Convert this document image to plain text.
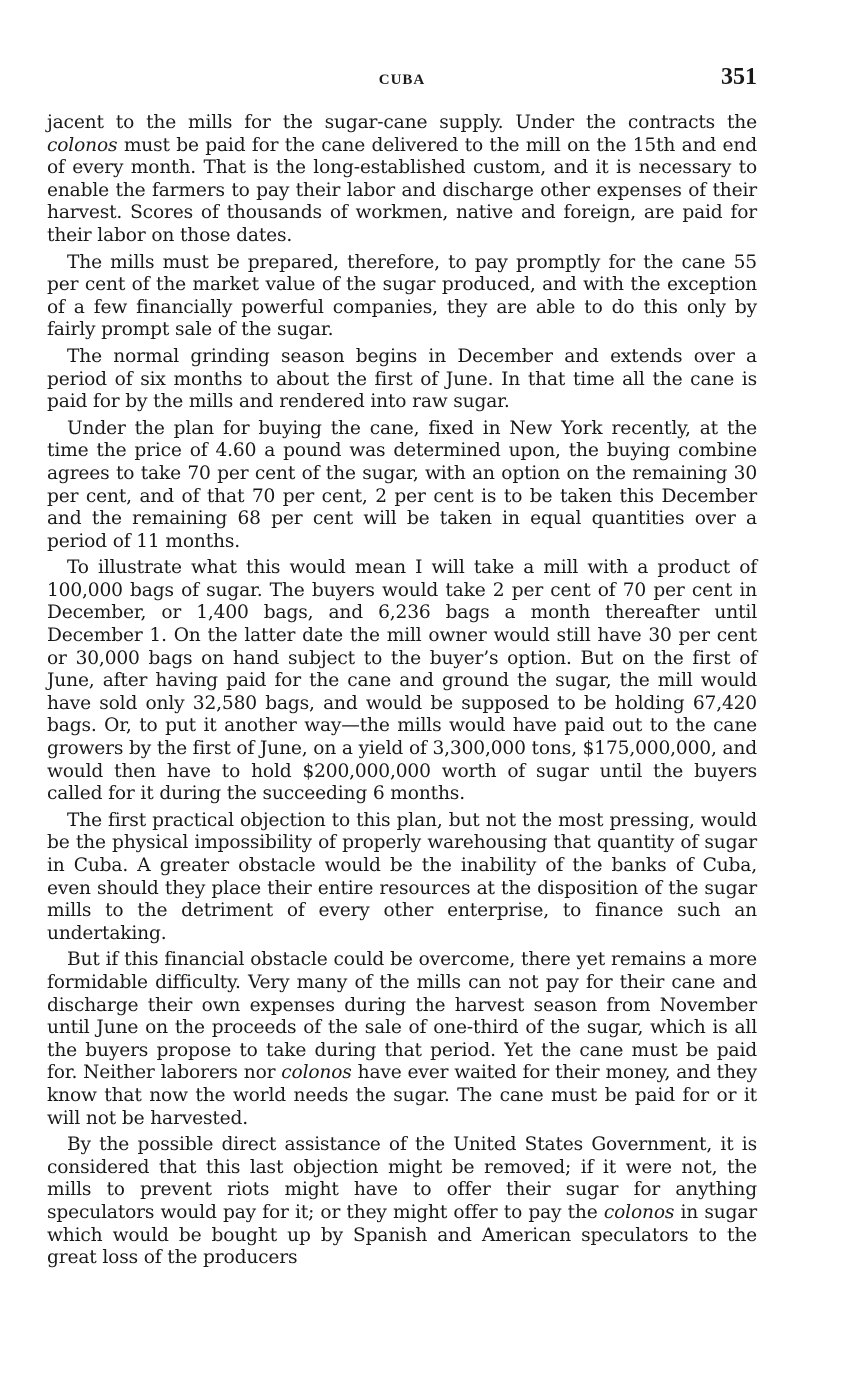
CUBA	351

jacent to the mills for the sugar-cane supply. Under the contracts the colonos must be paid for the cane delivered to the mill on the 15th and end of every month. That is the long-established custom, and it is necessary to enable the farmers to pay their labor and discharge other expenses of their harvest. Scores of thousands of workmen, native and foreign, are paid for their labor on those dates.

The mills must be prepared, therefore, to pay promptly for the cane 55 per cent of the market value of the sugar produced, and with the exception of a few financially powerful companies, they are able to do this only by fairly prompt sale of the sugar.

The normal grinding season begins in December and extends over a period of six months to about the first of June. In that time all the cane is paid for by the mills and rendered into raw sugar.

Under the plan for buying the cane, fixed in New York recently, at the time the price of 4.60 a pound was determined upon, the buying combine agrees to take 70 per cent of the sugar, with an option on the remaining 30 per cent, and of that 70 per cent, 2 per cent is to be taken this December and the remaining 68 per cent will be taken in equal quantities over a period of 11 months.

To illustrate what this would mean I will take a mill with a product of 100,000 bags of sugar. The buyers would take 2 per cent of 70 per cent in December, or 1,400 bags, and 6,236 bags a month thereafter until December 1. On the latter date the mill owner would still have 30 per cent or 30,000 bags on hand subject to the buyer’s option. But on the first of June, after having paid for the cane and ground the sugar, the mill would have sold only 32,580 bags, and would be supposed to be holding 67,420 bags. Or, to put it another way—the mills would have paid out to the cane growers by the first of June, on a yield of 3,300,000 tons, $175,000,000, and would then have to hold $200,000,000 worth of sugar until the buyers called for it during the succeeding 6 months.

The first practical objection to this plan, but not the most pressing, would be the physical impossibility of properly warehousing that quantity of sugar in Cuba. A greater obstacle would be the inability of the banks of Cuba, even should they place their entire resources at the disposition of the sugar mills to the detriment of every other enterprise, to finance such an undertaking.

But if this financial obstacle could be overcome, there yet remains a more formidable difficulty. Very many of the mills can not pay for their cane and discharge their own expenses during the harvest season from November until June on the proceeds of the sale of one-third of the sugar, which is all the buyers propose to take during that period. Yet the cane must be paid for. Neither laborers nor colonos have ever waited for their money, and they know that now the world needs the sugar. The cane must be paid for or it will not be harvested.

By the possible direct assistance of the United States Government, it is considered that this last objection might be removed; if it were not, the mills to prevent riots might have to offer their sugar for anything speculators would pay for it; or they might offer to pay the colonos in sugar which would be bought up by Spanish and American speculators to the great loss of the producers
